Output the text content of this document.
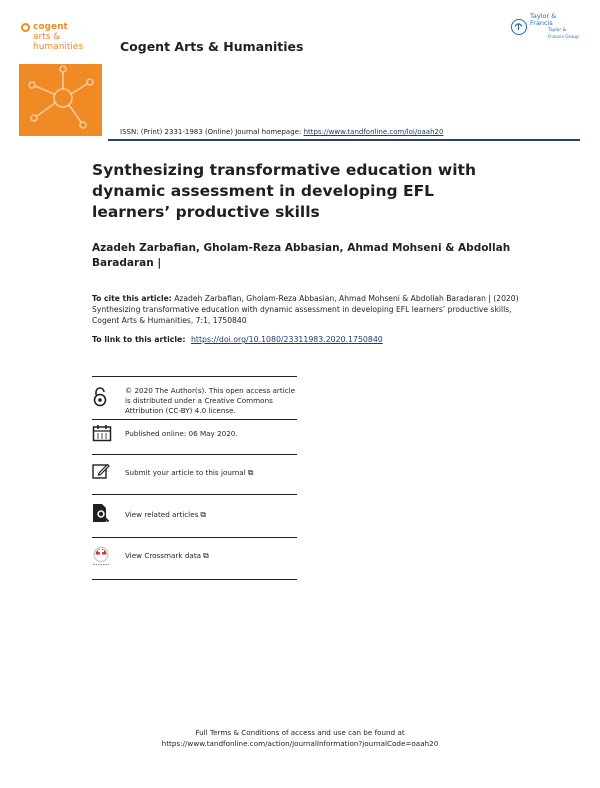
cogent
arts &
humanities	Cogent Arts & Humanities
Taylor & Francis
Taylor & Francis Group
ISSN: (Print) 2331-1983 (Online) Journal homepage: https://www.tandfonline.com/loi/oaah20
Synthesizing transformative education with dynamic assessment in developing EFL learners’ productive skills
Azadeh Zarbafian, Gholam-Reza Abbasian, Ahmad Mohseni & Abdollah Baradaran |
To cite this article: Azadeh Zarbafian, Gholam-Reza Abbasian, Ahmad Mohseni & Abdollah Baradaran | (2020) Synthesizing transformative education with dynamic assessment in developing EFL learners’ productive skills, Cogent Arts & Humanities, 7:1, 1750840
To link to this article: https://doi.org/10.1080/23311983.2020.1750840
© 2020 The Author(s). This open access article is distributed under a Creative Commons Attribution (CC-BY) 4.0 license.
Published online: 06 May 2020.
Submit your article to this journal ⧉
View related articles ⧉
View Crossmark data ⧉
Full Terms & Conditions of access and use can be found at
https://www.tandfonline.com/action/journalInformation?journalCode=oaah20
